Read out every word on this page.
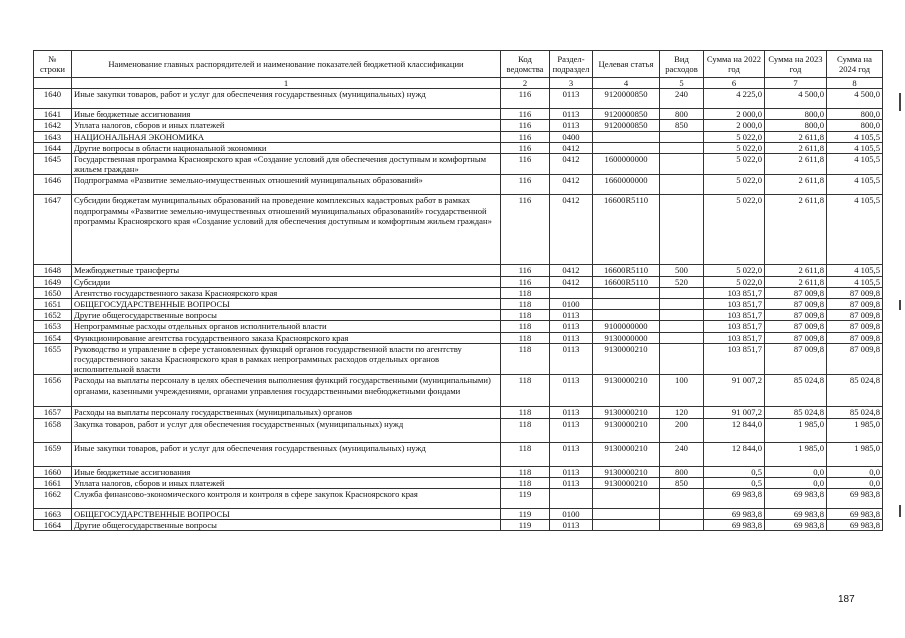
№ строки	Наименование главных распорядителей и наименование показателей бюджетной классификации	Код ведомства	Раздел-подраздел	Целевая статья	Вид расходов	Сумма на 2022 год	Сумма на 2023 год	Сумма на 2024 год
	1	2	3	4	5	6	7	8
1640	Иные закупки товаров, работ и услуг для обеспечения государственных (муниципальных) нужд	116	0113	9120000850	240	4 225,0	4 500,0	4 500,0
1641	Иные бюджетные ассигнования	116	0113	9120000850	800	2 000,0	800,0	800,0
1642	Уплата налогов, сборов и иных платежей	116	0113	9120000850	850	2 000,0	800,0	800,0
1643	НАЦИОНАЛЬНАЯ ЭКОНОМИКА	116	0400			5 022,0	2 611,8	4 105,5
1644	Другие вопросы в области национальной экономики	116	0412			5 022,0	2 611,8	4 105,5
1645	Государственная программа Красноярского края «Создание условий для обеспечения доступным и комфортным жильем граждан»	116	0412	1600000000		5 022,0	2 611,8	4 105,5
1646	Подпрограмма «Развитие земельно-имущественных отношений муниципальных образований»	116	0412	1660000000		5 022,0	2 611,8	4 105,5
1647	Субсидии бюджетам муниципальных образований на проведение комплексных кадастровых работ в рамках подпрограммы «Развитие земельно-имущественных отношений муниципальных образований» государственной программы Красноярского края «Создание условий для обеспечения доступным и комфортным жильем граждан»	116	0412	16600R5110		5 022,0	2 611,8	4 105,5
1648	Межбюджетные трансферты	116	0412	16600R5110	500	5 022,0	2 611,8	4 105,5
1649	Субсидии	116	0412	16600R5110	520	5 022,0	2 611,8	4 105,5
1650	Агентство государственного заказа Красноярского края	118				103 851,7	87 009,8	87 009,8
1651	ОБЩЕГОСУДАРСТВЕННЫЕ ВОПРОСЫ	118	0100			103 851,7	87 009,8	87 009,8
1652	Другие общегосударственные вопросы	118	0113			103 851,7	87 009,8	87 009,8
1653	Непрограммные расходы отдельных органов исполнительной власти	118	0113	9100000000		103 851,7	87 009,8	87 009,8
1654	Функционирование агентства государственного заказа Красноярского края	118	0113	9130000000		103 851,7	87 009,8	87 009,8
1655	Руководство и управление в сфере установленных функций органов государственной власти по агентству государственного заказа Красноярского края в рамках непрограммных расходов отдельных органов исполнительной власти	118	0113	9130000210		103 851,7	87 009,8	87 009,8
1656	Расходы на выплаты персоналу в целях обеспечения выполнения функций государственными (муниципальными) органами, казенными учреждениями, органами управления государственными внебюджетными фондами	118	0113	9130000210	100	91 007,2	85 024,8	85 024,8
1657	Расходы на выплаты персоналу государственных (муниципальных) органов	118	0113	9130000210	120	91 007,2	85 024,8	85 024,8
1658	Закупка товаров, работ и услуг для обеспечения государственных (муниципальных) нужд	118	0113	9130000210	200	12 844,0	1 985,0	1 985,0
1659	Иные закупки товаров, работ и услуг для обеспечения государственных (муниципальных) нужд	118	0113	9130000210	240	12 844,0	1 985,0	1 985,0
1660	Иные бюджетные ассигнования	118	0113	9130000210	800	0,5	0,0	0,0
1661	Уплата налогов, сборов и иных платежей	118	0113	9130000210	850	0,5	0,0	0,0
1662	Служба финансово-экономического контроля и контроля в сфере закупок Красноярского края	119				69 983,8	69 983,8	69 983,8
1663	ОБЩЕГОСУДАРСТВЕННЫЕ ВОПРОСЫ	119	0100			69 983,8	69 983,8	69 983,8
1664	Другие общегосударственные вопросы	119	0113			69 983,8	69 983,8	69 983,8
187
